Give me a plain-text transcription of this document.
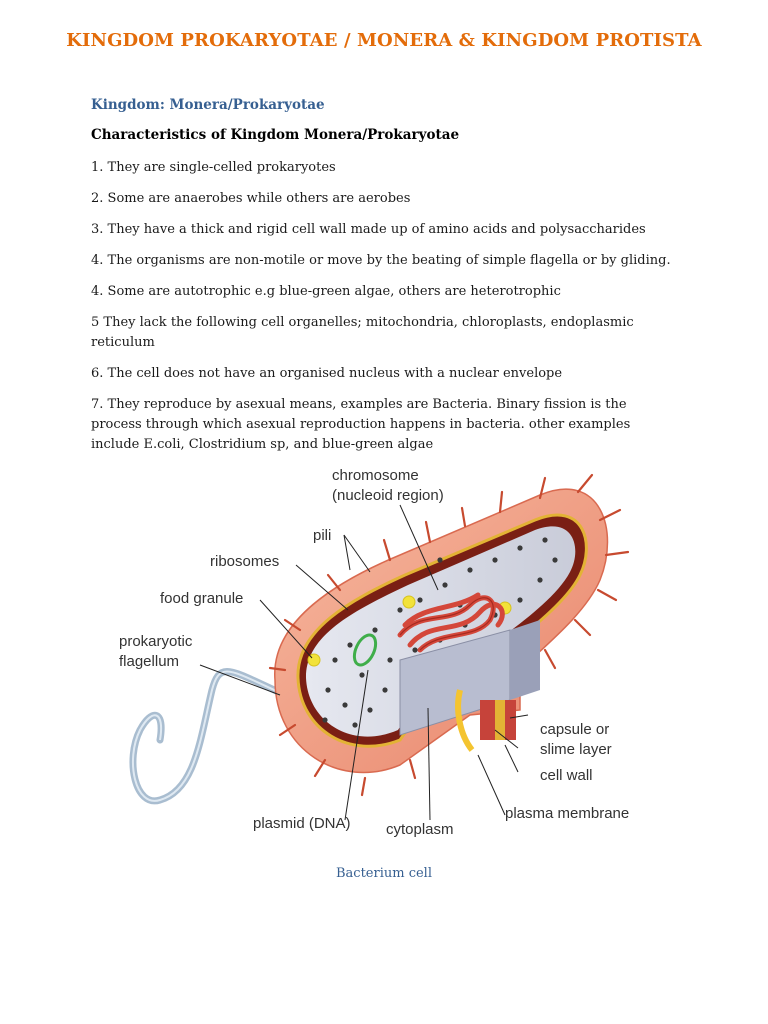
KINGDOM PROKARYOTAE / MONERA & KINGDOM PROTISTA
Kingdom: Monera/Prokaryotae
Characteristics of Kingdom Monera/Prokaryotae
1. They are single-celled prokaryotes
2. Some are anaerobes while others are aerobes
3. They have a thick and rigid cell wall made up of amino acids and polysaccharides
4. The organisms are non-motile or move by the beating of simple flagella or by gliding.
4. Some are autotrophic e.g blue-green algae, others are heterotrophic
5 They lack the following cell organelles; mitochondria, chloroplasts, endoplasmic
reticulum
6. The cell does not have an organised nucleus with a nuclear envelope
7. They reproduce by asexual means, examples are Bacteria. Binary fission is the
process through which asexual reproduction happens in bacteria. other examples
include E.coli, Clostridium sp, and blue-green algae
chromosome
(nucleoid region)
pili
ribosomes
food granule
prokaryotic
flagellum
capsule or
slime layer
cell wall
plasma membrane
plasmid (DNA) cytoplasm
Bacterium cell
